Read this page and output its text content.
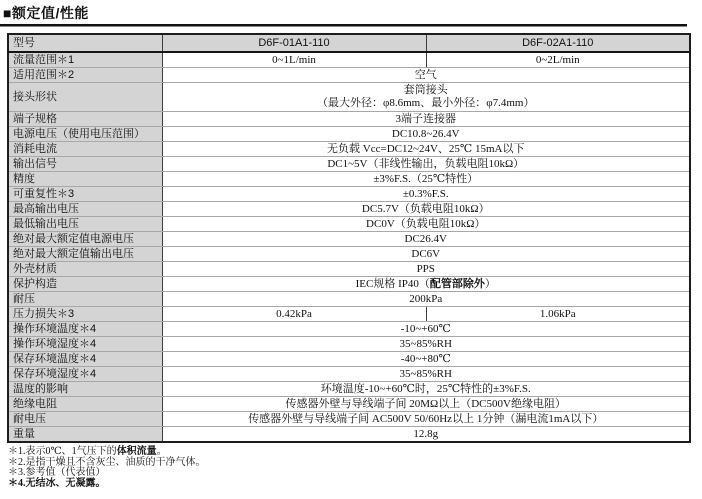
■额定值/性能
型号	D6F-01A1-110	D6F-02A1-110
流量范围＊1	0~1L/min	0~2L/min
适用范围＊2	空气	
接头形状	套筒接头
（最大外径：φ8.6mm、最小外径：φ7.4mm）	
端子规格	3端子连接器	
电源电压（使用电压范围）	DC10.8~26.4V	
消耗电流	无负载 Vcc=DC12~24V、25℃ 15mA以下	
输出信号	DC1~5V（非线性输出，负载电阻10kΩ）	
精度	±3%F.S.（25℃特性）	
可重复性＊3	±0.3%F.S.	
最高输出电压	DC5.7V（负载电阻10kΩ）	
最低输出电压	DC0V（负载电阻10kΩ）	
绝对最大额定值电源电压	DC26.4V	
绝对最大额定值输出电压	DC6V	
外壳材质	PPS	
保护构造	IEC规格 IP40（配管部除外）	
耐压	200kPa	
压力损失＊3	0.42kPa	1.06kPa
操作环境温度＊4	-10~+60℃	
操作环境湿度＊4	35~85%RH	
保存环境温度＊4	-40~+80℃	
保存环境湿度＊4	35~85%RH	
温度的影响	环境温度-10~+60℃时，25℃特性的±3%F.S.	
绝缘电阻	传感器外壁与导线端子间 20MΩ以上（DC500V绝缘电阻）	
耐电压	传感器外壁与导线端子间 AC500V 50/60Hz以上 1分钟（漏电流1mA以下）	
重量	12.8g	
＊1.表示0℃、1气压下的体积流量。
＊2.是指干燥且不含灰尘、油质的干净气体。
＊3.参考值（代表值）
＊4.无结冰、无凝露。
